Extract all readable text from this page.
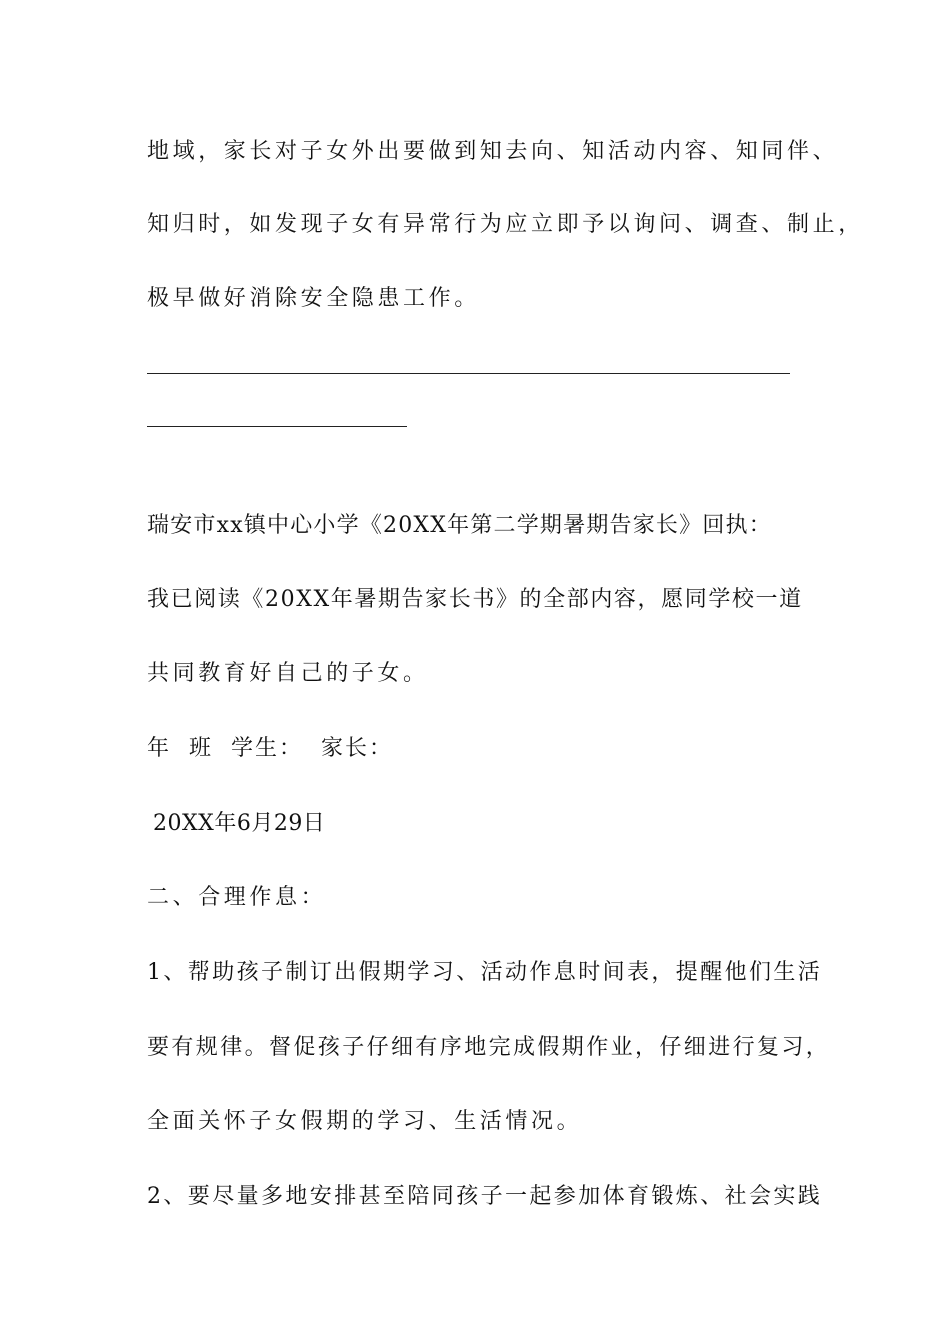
地域，家长对子女外出要做到知去向、知活动内容、知同伴、
知归时，如发现子女有异常行为应立即予以询问、调查、制止，
极早做好消除安全隐患工作。
瑞安市xx镇中心小学《20XX年第二学期暑期告家长》回执：
我已阅读《20XX年暑期告家长书》的全部内容，愿同学校一道
共同教育好自己的子女。
年  班  学生：  家长：
20XX年6月29日
二、合理作息：
1、帮助孩子制订出假期学习、活动作息时间表，提醒他们生活
要有规律。督促孩子仔细有序地完成假期作业，仔细进行复习，
全面关怀子女假期的学习、生活情况。
2、要尽量多地安排甚至陪同孩子一起参加体育锻炼、社会实践
